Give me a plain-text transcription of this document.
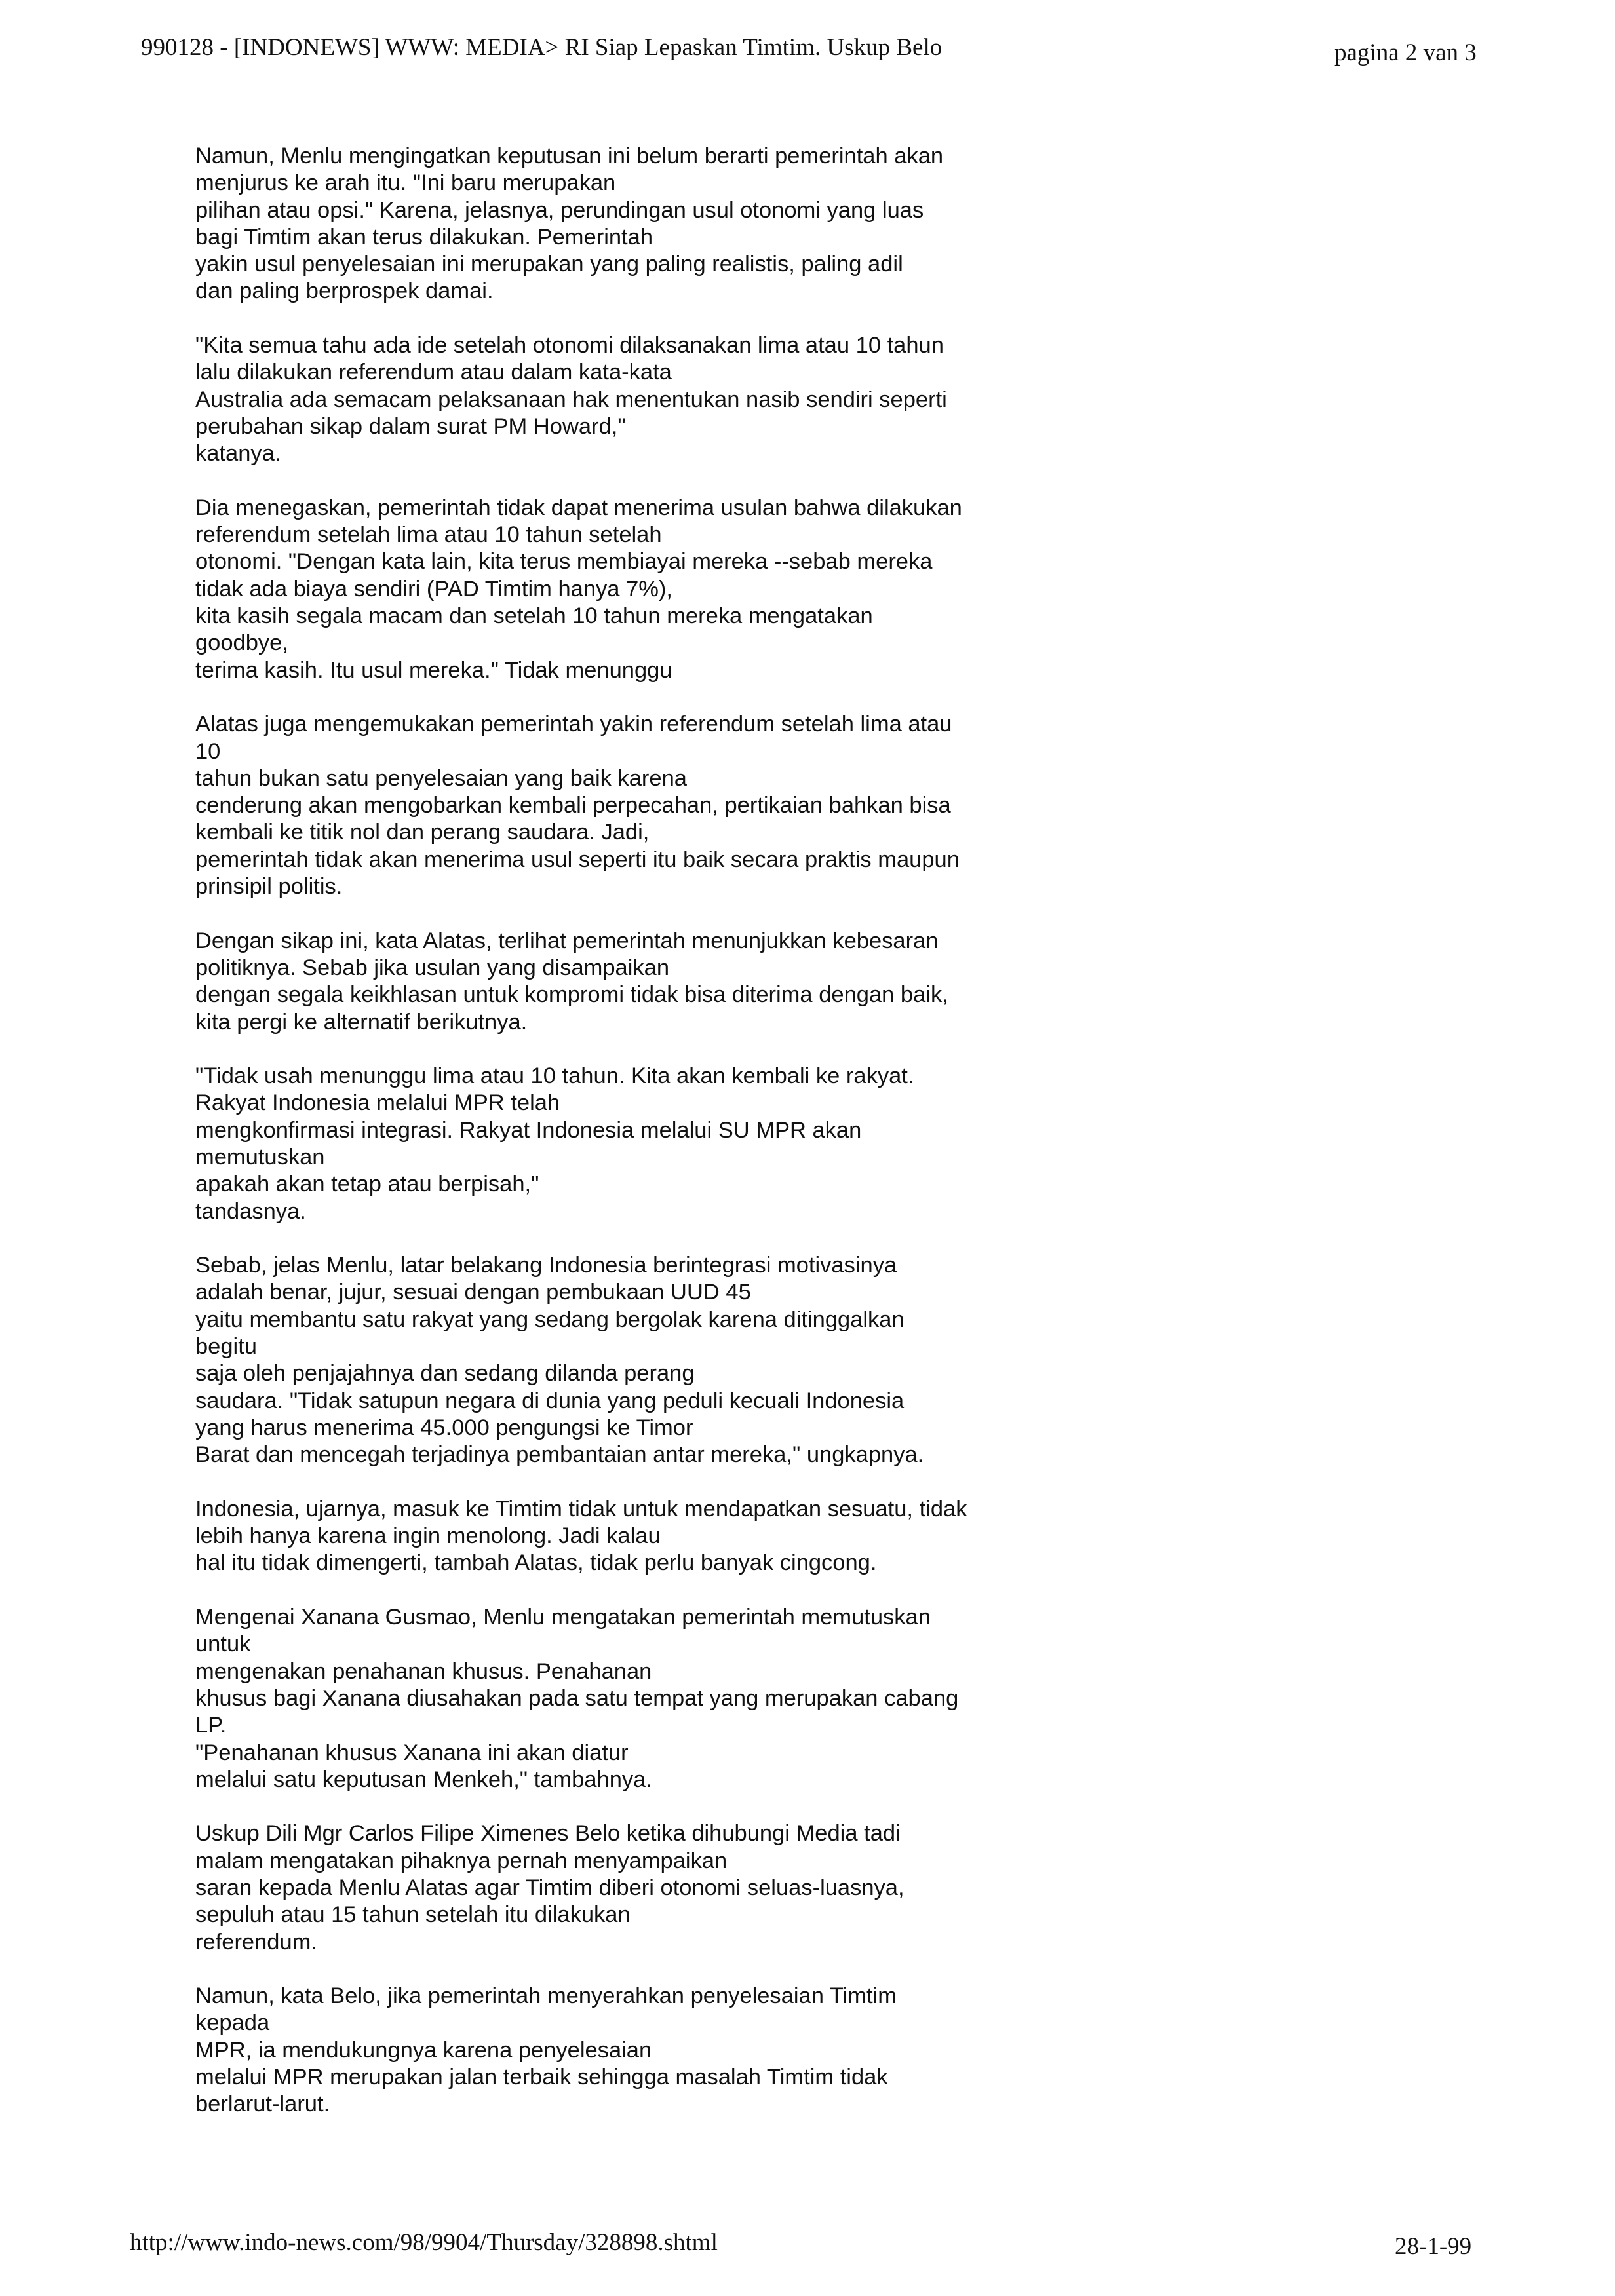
990128 - [INDONEWS] WWW: MEDIA> RI Siap Lepaskan Timtim. Uskup Belo	pagina 2 van 3
Namun, Menlu mengingatkan keputusan ini belum berarti pemerintah akan
menjurus ke arah itu. "Ini baru merupakan
pilihan atau opsi." Karena, jelasnya, perundingan usul otonomi yang luas
bagi Timtim akan terus dilakukan. Pemerintah
yakin usul penyelesaian ini merupakan yang paling realistis, paling adil
dan paling berprospek damai.
"Kita semua tahu ada ide setelah otonomi dilaksanakan lima atau 10 tahun
lalu dilakukan referendum atau dalam kata-kata
Australia ada semacam pelaksanaan hak menentukan nasib sendiri seperti
perubahan sikap dalam surat PM Howard,"
katanya.
Dia menegaskan, pemerintah tidak dapat menerima usulan bahwa dilakukan
referendum setelah lima atau 10 tahun setelah
otonomi. "Dengan kata lain, kita terus membiayai mereka --sebab mereka
tidak ada biaya sendiri (PAD Timtim hanya 7%),
kita kasih segala macam dan setelah 10 tahun mereka mengatakan
goodbye,
terima kasih. Itu usul mereka." Tidak menunggu
Alatas juga mengemukakan pemerintah yakin referendum setelah lima atau
10
tahun bukan satu penyelesaian yang baik karena
cenderung akan mengobarkan kembali perpecahan, pertikaian bahkan bisa
kembali ke titik nol dan perang saudara. Jadi,
pemerintah tidak akan menerima usul seperti itu baik secara praktis maupun
prinsipil politis.
Dengan sikap ini, kata Alatas, terlihat pemerintah menunjukkan kebesaran
politiknya. Sebab jika usulan yang disampaikan
dengan segala keikhlasan untuk kompromi tidak bisa diterima dengan baik,
kita pergi ke alternatif berikutnya.
"Tidak usah menunggu lima atau 10 tahun. Kita akan kembali ke rakyat.
Rakyat Indonesia melalui MPR telah
mengkonfirmasi integrasi. Rakyat Indonesia melalui SU MPR akan
memutuskan
apakah akan tetap atau berpisah,"
tandasnya.
Sebab, jelas Menlu, latar belakang Indonesia berintegrasi motivasinya
adalah benar, jujur, sesuai dengan pembukaan UUD 45
yaitu membantu satu rakyat yang sedang bergolak karena ditinggalkan
begitu
saja oleh penjajahnya dan sedang dilanda perang
saudara. "Tidak satupun negara di dunia yang peduli kecuali Indonesia
yang harus menerima 45.000 pengungsi ke Timor
Barat dan mencegah terjadinya pembantaian antar mereka," ungkapnya.
Indonesia, ujarnya, masuk ke Timtim tidak untuk mendapatkan sesuatu, tidak
lebih hanya karena ingin menolong. Jadi kalau
hal itu tidak dimengerti, tambah Alatas, tidak perlu banyak cingcong.
Mengenai Xanana Gusmao, Menlu mengatakan pemerintah memutuskan
untuk
mengenakan penahanan khusus. Penahanan
khusus bagi Xanana diusahakan pada satu tempat yang merupakan cabang
LP.
"Penahanan khusus Xanana ini akan diatur
melalui satu keputusan Menkeh," tambahnya.
Uskup Dili Mgr Carlos Filipe Ximenes Belo ketika dihubungi Media tadi
malam mengatakan pihaknya pernah menyampaikan
saran kepada Menlu Alatas agar Timtim diberi otonomi seluas-luasnya,
sepuluh atau 15 tahun setelah itu dilakukan
referendum.
Namun, kata Belo, jika pemerintah menyerahkan penyelesaian Timtim
kepada
MPR, ia mendukungnya karena penyelesaian
melalui MPR merupakan jalan terbaik sehingga masalah Timtim tidak
berlarut-larut.
http://www.indo-news.com/98/9904/Thursday/328898.shtml	28-1-99
